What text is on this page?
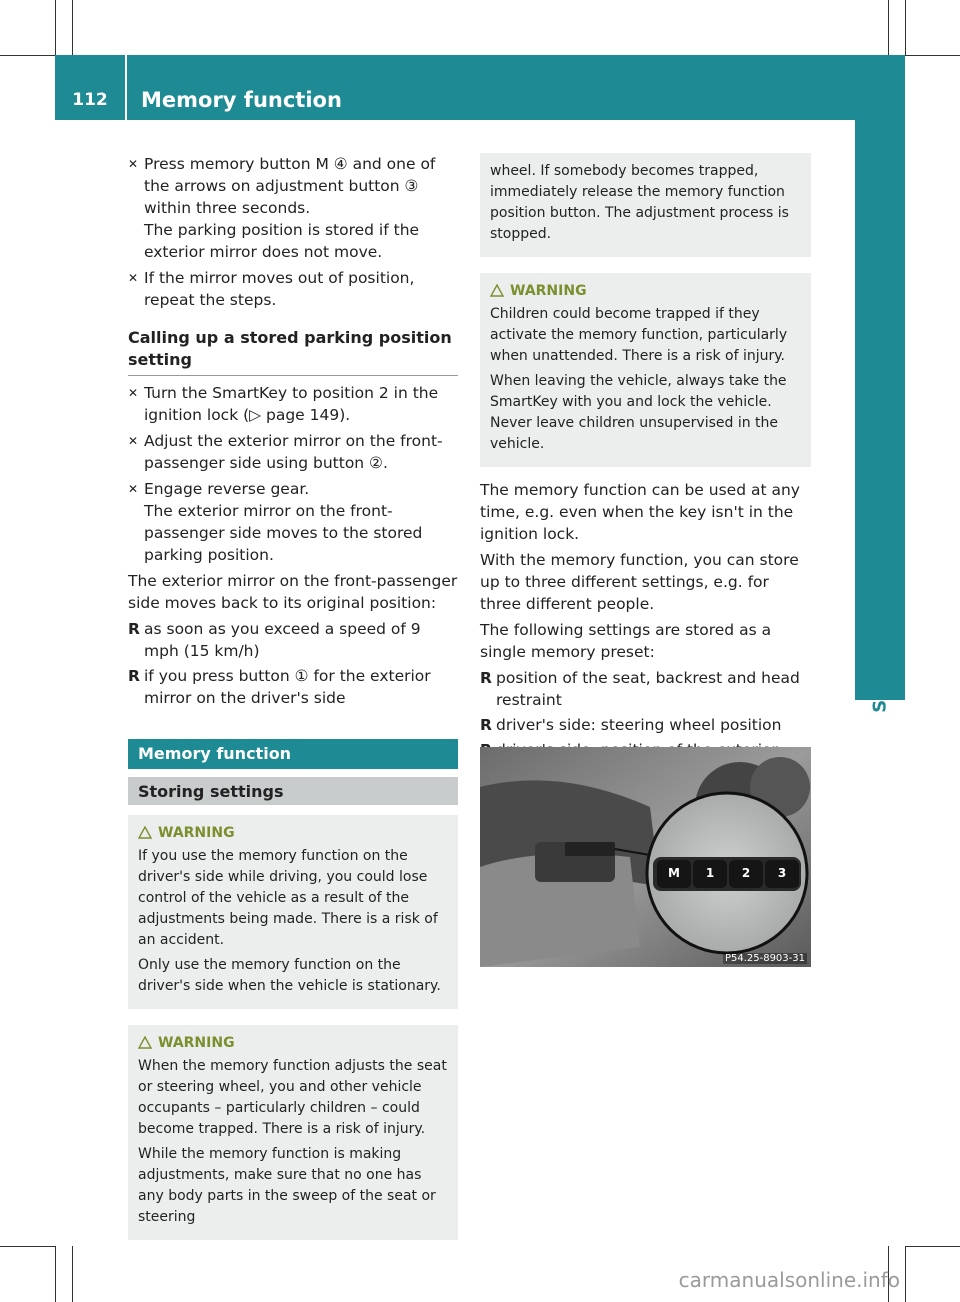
112	Memory function
Seats, steering wheel and mirrors
✕ Press memory button M ④ and one of the arrows on adjustment button ③ within three seconds.

The parking position is stored if the exterior mirror does not move.

✕ If the mirror moves out of position, repeat the steps.

Calling up a stored parking position setting
✕ Turn the SmartKey to position 2 in the ignition lock (▷ page 149).

✕ Adjust the exterior mirror on the front-passenger side using button ②.

✕ Engage reverse gear.

The exterior mirror on the front-passenger side moves to the stored parking position.

The exterior mirror on the front-passenger side moves back to its original position:

R as soon as you exceed a speed of 9 mph (15 km/h)

R if you press button ① for the exterior mirror on the driver's side

Memory function
Storing settings
WARNING

If you use the memory function on the driver's side while driving, you could lose control of the vehicle as a result of the adjustments being made. There is a risk of an accident.

Only use the memory function on the driver's side when the vehicle is stationary.

WARNING

When the memory function adjusts the seat or steering wheel, you and other vehicle occupants – particularly children – could become trapped. There is a risk of injury.

While the memory function is making adjustments, make sure that no one has any body parts in the sweep of the seat or steering

wheel. If somebody becomes trapped, immediately release the memory function position button. The adjustment process is stopped.

WARNING

Children could become trapped if they activate the memory function, particularly when unattended. There is a risk of injury.

When leaving the vehicle, always take the SmartKey with you and lock the vehicle. Never leave children unsupervised in the vehicle.

The memory function can be used at any time, e.g. even when the key isn't in the ignition lock.

With the memory function, you can store up to three different settings, e.g. for three different people.

The following settings are stored as a single memory preset:

R position of the seat, backrest and head restraint

R driver's side: steering wheel position

M	1	2	3
P54.25-8903-31
carmanualsonline.info
